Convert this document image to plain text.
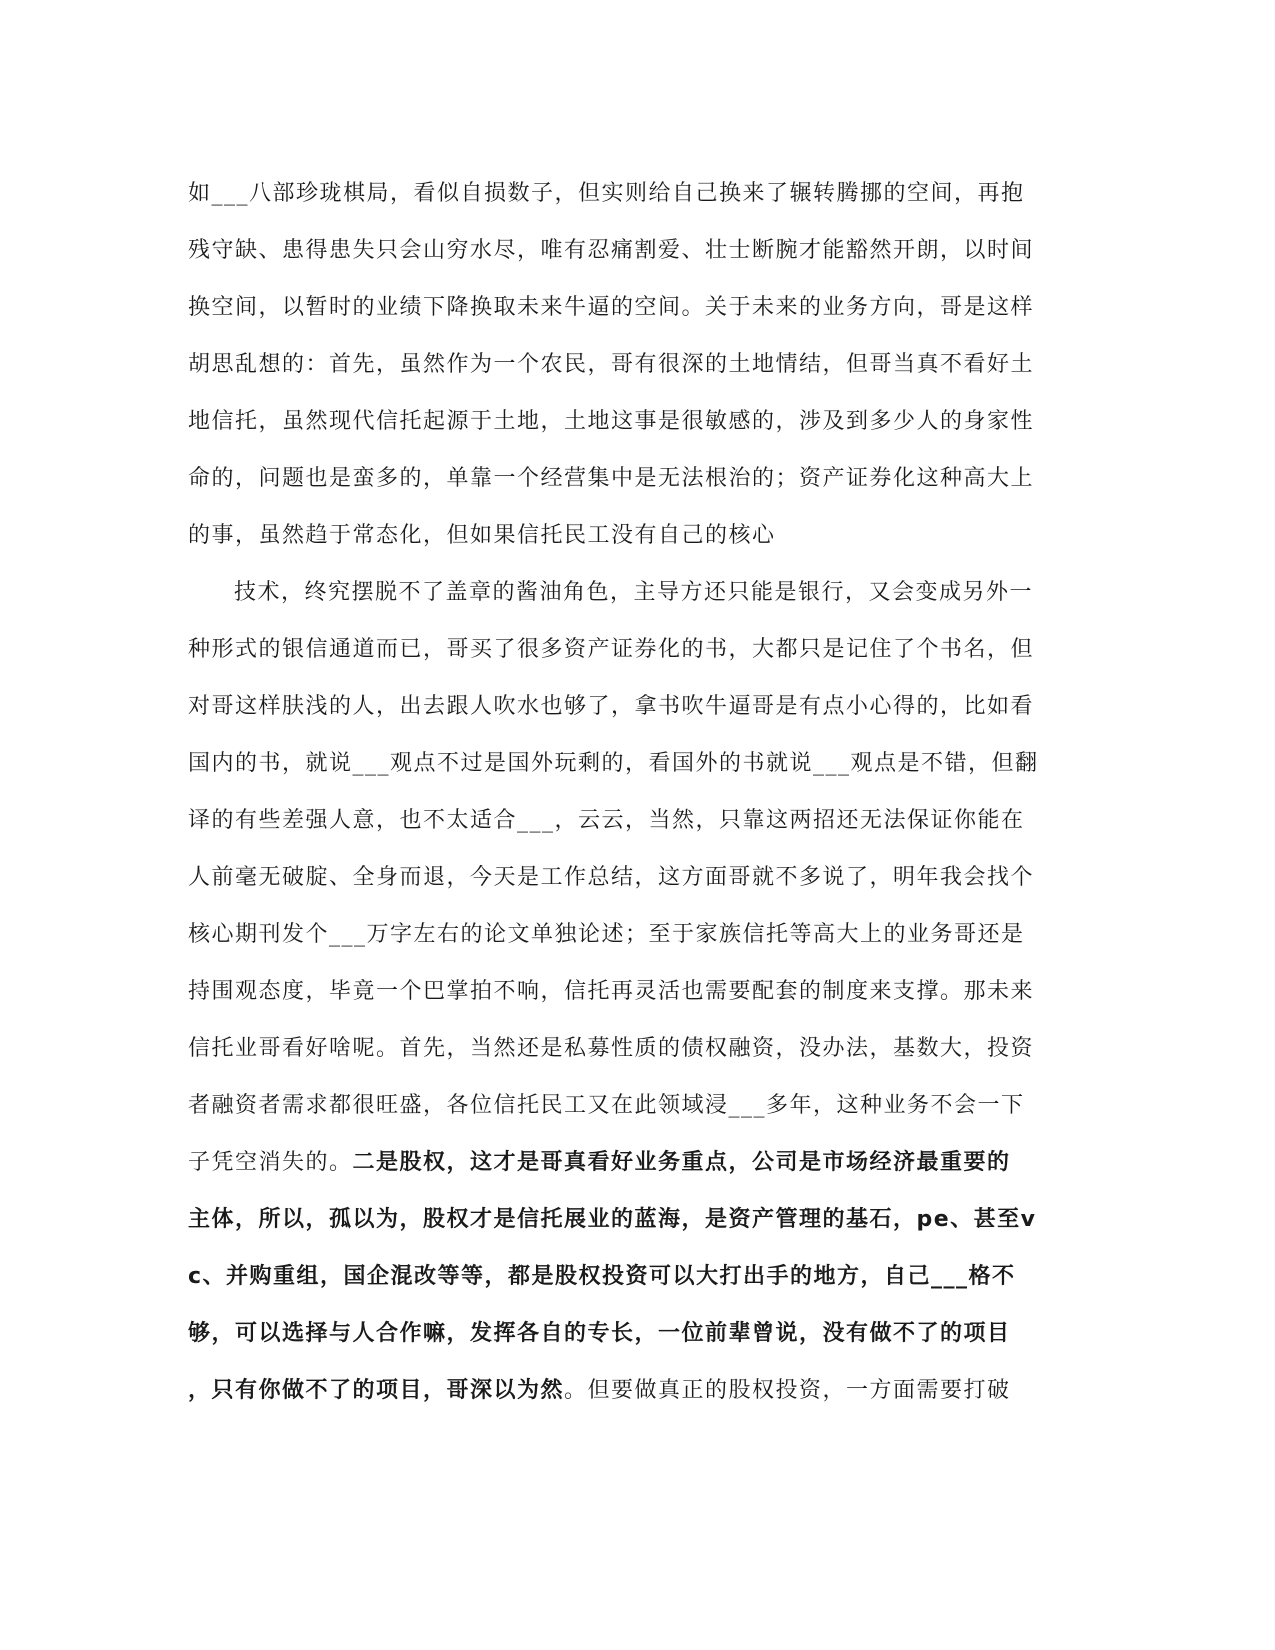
如___八部珍珑棋局，看似自损数子，但实则给自己换来了辗转腾挪的空间，再抱
残守缺、患得患失只会山穷水尽，唯有忍痛割爱、壮士断腕才能豁然开朗，以时间
换空间，以暂时的业绩下降换取未来牛逼的空间。关于未来的业务方向，哥是这样
胡思乱想的：首先，虽然作为一个农民，哥有很深的土地情结，但哥当真不看好土
地信托，虽然现代信托起源于土地，土地这事是很敏感的，涉及到多少人的身家性
命的，问题也是蛮多的，单靠一个经营集中是无法根治的；资产证券化这种高大上
的事，虽然趋于常态化，但如果信托民工没有自己的核心
技术，终究摆脱不了盖章的酱油角色，主导方还只能是银行，又会变成另外一
种形式的银信通道而已，哥买了很多资产证券化的书，大都只是记住了个书名，但
对哥这样肤浅的人，出去跟人吹水也够了，拿书吹牛逼哥是有点小心得的，比如看
国内的书，就说___观点不过是国外玩剩的，看国外的书就说___观点是不错，但翻
译的有些差强人意，也不太适合___，云云，当然，只靠这两招还无法保证你能在
人前毫无破腚、全身而退，今天是工作总结，这方面哥就不多说了，明年我会找个
核心期刊发个___万字左右的论文单独论述；至于家族信托等高大上的业务哥还是
持围观态度，毕竟一个巴掌拍不响，信托再灵活也需要配套的制度来支撑。那未来
信托业哥看好啥呢。首先，当然还是私募性质的债权融资，没办法，基数大，投资
者融资者需求都很旺盛，各位信托民工又在此领域浸___多年，这种业务不会一下
子凭空消失的。二是股权，这才是哥真看好业务重点，公司是市场经济最重要的
主体，所以，孤以为，股权才是信托展业的蓝海，是资产管理的基石，pe、甚至v
c、并购重组，国企混改等等，都是股权投资可以大打出手的地方，自己___格不
够，可以选择与人合作嘛，发挥各自的专长，一位前辈曾说，没有做不了的项目
，只有你做不了的项目，哥深以为然。但要做真正的股权投资，一方面需要打破
